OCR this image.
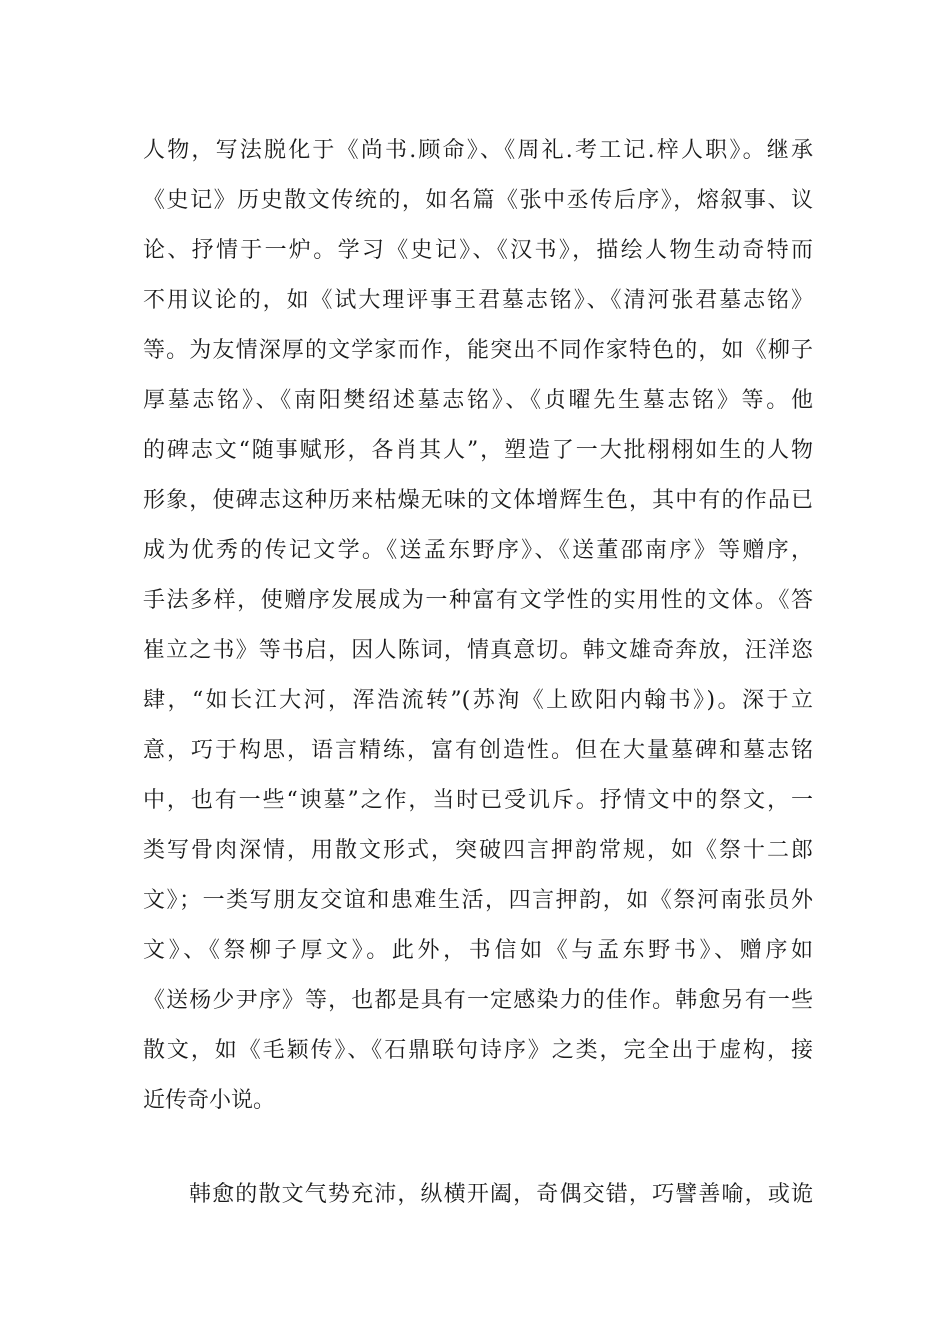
人物，写法脱化于《尚书.顾命》、《周礼.考工记.梓人职》。继承
《史记》历史散文传统的，如名篇《张中丞传后序》，熔叙事、议
论、抒情于一炉。学习《史记》、《汉书》，描绘人物生动奇特而
不用议论的，如《试大理评事王君墓志铭》、《清河张君墓志铭》
等。为友情深厚的文学家而作，能突出不同作家特色的，如《柳子
厚墓志铭》、《南阳樊绍述墓志铭》、《贞曜先生墓志铭》等。他
的碑志文“随事赋形，各肖其人”，塑造了一大批栩栩如生的人物
形象，使碑志这种历来枯燥无味的文体增辉生色，其中有的作品已
成为优秀的传记文学。《送孟东野序》、《送董邵南序》等赠序，
手法多样，使赠序发展成为一种富有文学性的实用性的文体。《答
崔立之书》等书启，因人陈词，情真意切。韩文雄奇奔放，汪洋恣
肆，“如长江大河，浑浩流转”(苏洵《上欧阳内翰书》)。深于立
意，巧于构思，语言精练，富有创造性。但在大量墓碑和墓志铭
中，也有一些“谀墓”之作，当时已受讥斥。抒情文中的祭文，一
类写骨肉深情，用散文形式，突破四言押韵常规，如《祭十二郎
文》；一类写朋友交谊和患难生活，四言押韵，如《祭河南张员外
文》、《祭柳子厚文》。此外，书信如《与孟东野书》、赠序如
《送杨少尹序》等，也都是具有一定感染力的佳作。韩愈另有一些
散文，如《毛颖传》、《石鼎联句诗序》之类，完全出于虚构，接
近传奇小说。
韩愈的散文气势充沛，纵横开阖，奇偶交错，巧譬善喻，或诡
